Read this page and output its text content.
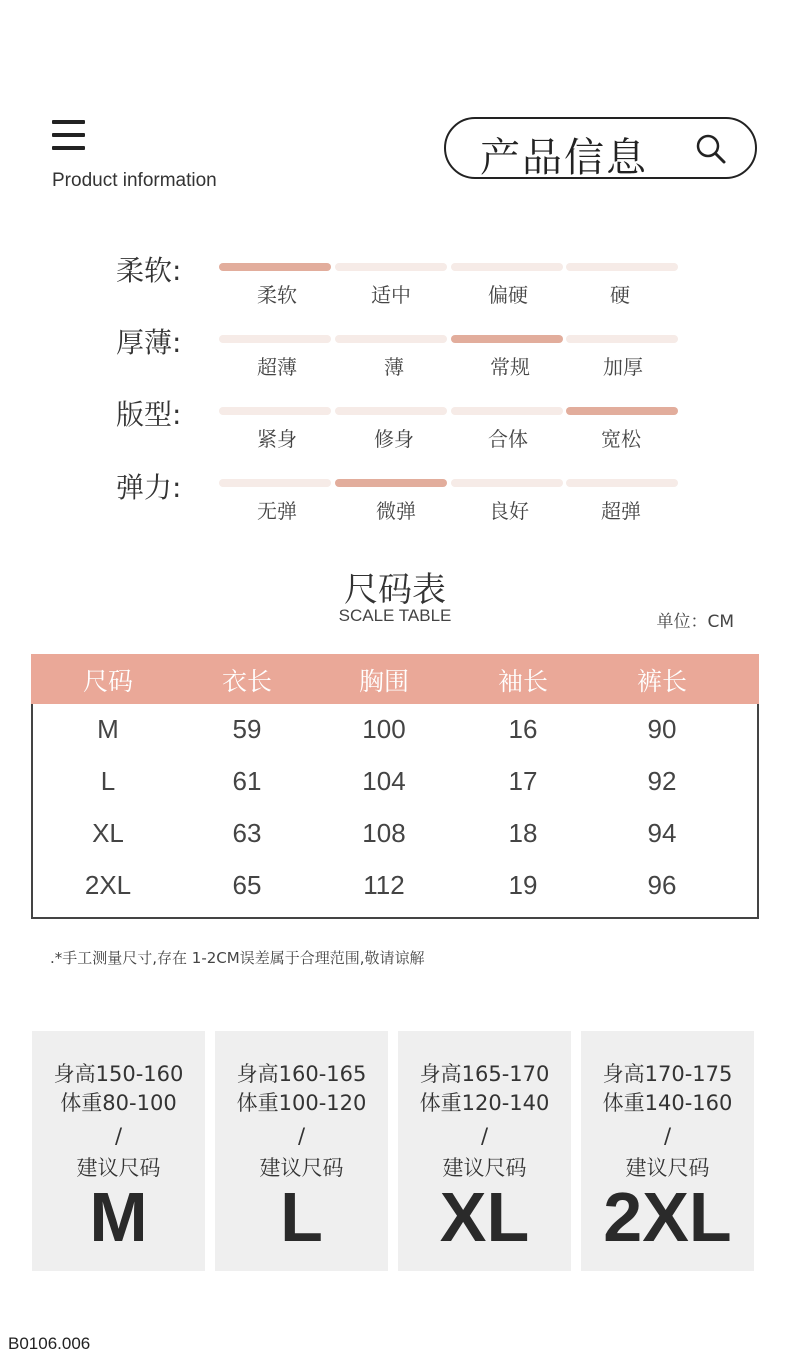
Product information	产品信息
柔软:
柔软	适中	偏硬	硬
厚薄:
超薄	薄	常规	加厚
版型:
紧身	修身	合体	宽松
弹力:
无弹	微弹	良好	超弹
尺码表
SCALE TABLE	单位：CM
尺码	衣长	胸围	袖长	裤长
M	59	100	16	90
L	61	104	17	92
XL	63	108	18	94
2XL	65	112	19	96
.*手工测量尺寸,存在 1-2CM误差属于合理范围,敬请谅解
身高150-160
体重80-100
/
建议尺码
M
身高160-165
体重100-120
/
建议尺码
L
身高165-170
体重120-140
/
建议尺码
XL
身高170-175
体重140-160
/
建议尺码
2XL
B0106.006
